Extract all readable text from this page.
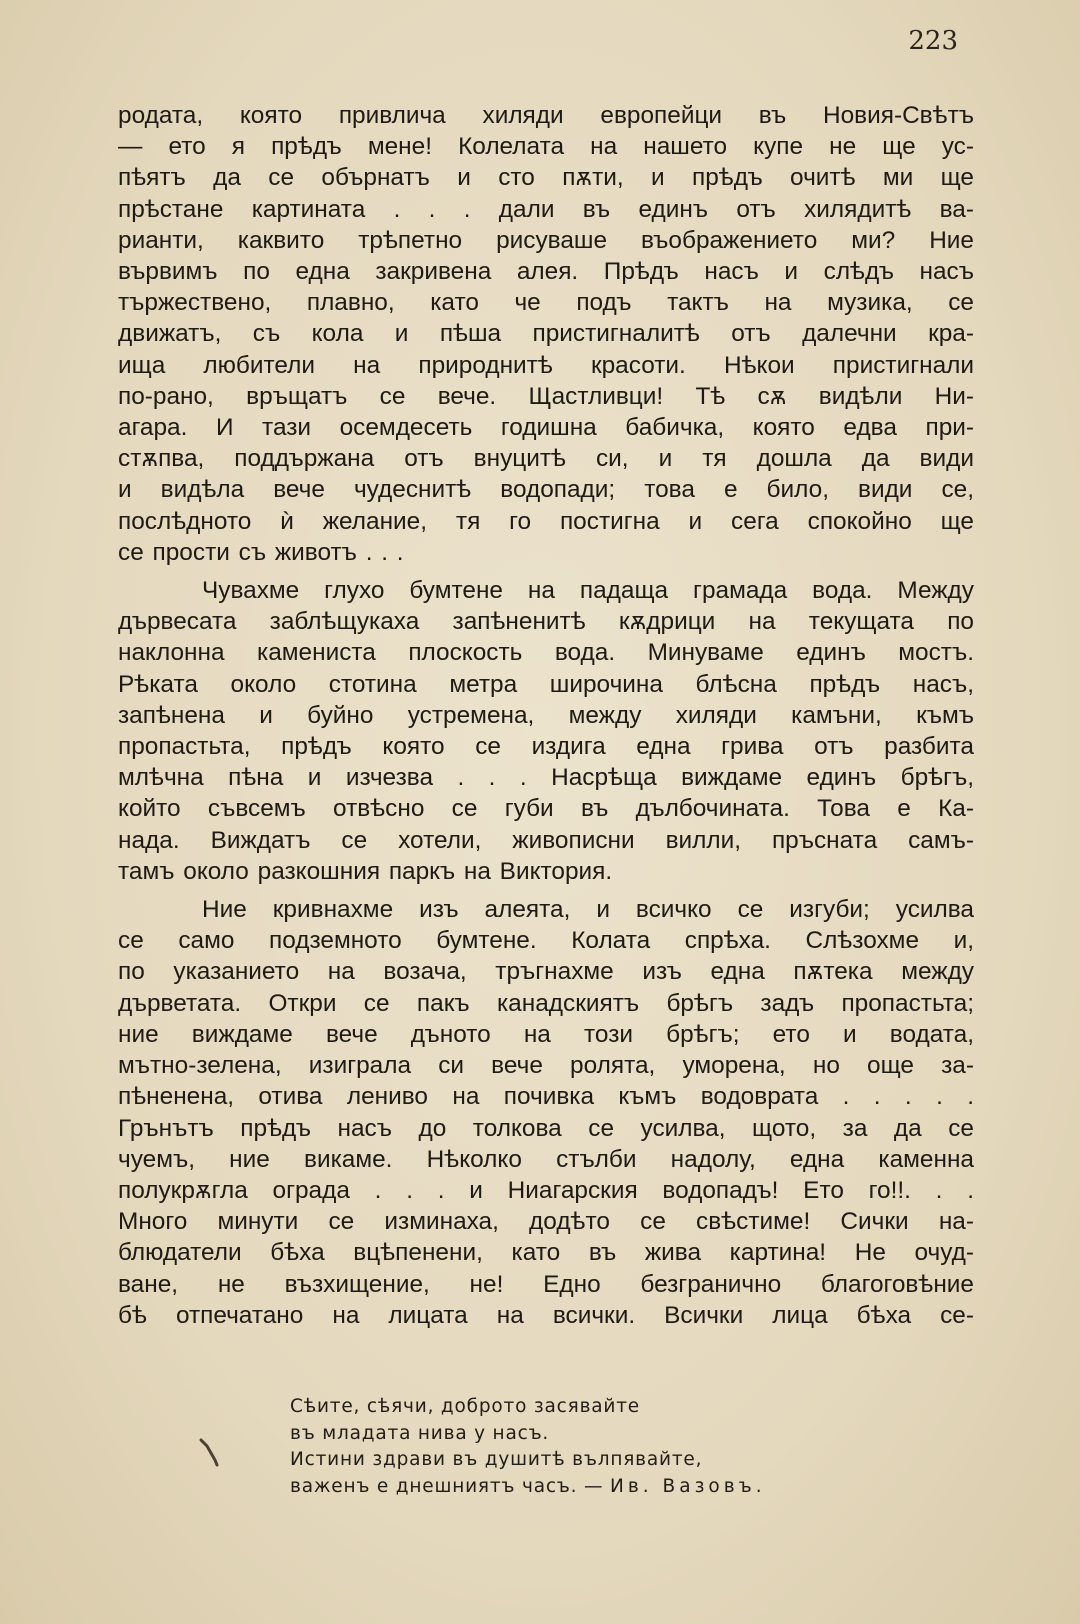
223
родата, която привлича хиляди европейци въ Новия-Свѣтъ
— ето я прѣдъ мене! Колелата на нашето купе не ще ус-
пѣятъ да се обърнатъ и сто пѫти, и прѣдъ очитѣ ми ще
прѣстане картината . . . дали въ единъ отъ хилядитѣ ва-
рианти, каквито трѣпетно рисуваше въображението ми? Ние
вървимъ по една закривена алея. Прѣдъ насъ и слѣдъ насъ
тържествено, плавно, като че подъ тактъ на музика, се
движатъ, съ кола и пѣша пристигналитѣ отъ далечни кра-
ища любители на природнитѣ красоти. Нѣкои пристигнали
по-рано, връщатъ се вече. Щастливци! Тѣ сѫ видѣли Ни-
агара. И тази осемдесеть годишна бабичка, която едва при-
стѫпва, поддържана отъ внуцитѣ си, и тя дошла да види
и видѣла вече чудеснитѣ водопади; това е било, види се,
послѣдното ѝ желание, тя го постигна и сега спокойно ще
се прости съ животъ . . .
Чувахме глухо бумтене на падаща грамада вода. Между
дървесата заблѣщукаха запѣненитѣ кѫдрици на текущата по
наклонна камениста плоскость вода. Минуваме единъ мостъ.
Рѣката около стотина метра широчина блѣсна прѣдъ насъ,
запѣнена и буйно устремена, между хиляди камъни, къмъ
пропастьта, прѣдъ която се издига една грива отъ разбита
млѣчна пѣна и изчезва . . . Насрѣща виждаме единъ брѣгъ,
който съвсемъ отвѣсно се губи въ дълбочината. Това е Ка-
нада. Виждатъ се хотели, живописни вилли, пръсната самъ-
тамъ около разкошния паркъ на Виктория.
Ние кривнахме изъ алеята, и всичко се изгуби; усилва
се само подземното бумтене. Колата спрѣха. Слѣзохме и,
по указанието на возача, тръгнахме изъ една пѫтека между
дърветата. Откри се пакъ канадскиятъ брѣгъ задъ пропастьта;
ние виждаме вече дъното на този брѣгъ; ето и водата,
мътно-зелена, изиграла си вече ролята, уморена, но още за-
пѣненена, отива лениво на почивка къмъ водоврата . . . . .
Грънътъ прѣдъ насъ до толкова се усилва, щото, за да се
чуемъ, ние викаме. Нѣколко стълби надолу, една каменна
полукрѫгла ограда . . . и Ниагарския водопадъ! Ето го!!. . .
Много минути се изминаха, додѣто се свѣстиме! Сички на-
блюдатели бѣха вцѣпенени, като въ жива картина! Не очуд-
ване, не възхищение, не! Едно безгранично благоговѣние
бѣ отпечатано на лицата на всички. Всички лица бѣха се-
Сѣите, сѣячи, доброто засявайте
въ младата нива у насъ.
Истини здрави въ душитѣ вълпявайте,
важенъ е днешниятъ часъ. — Ив. Вазовъ.
